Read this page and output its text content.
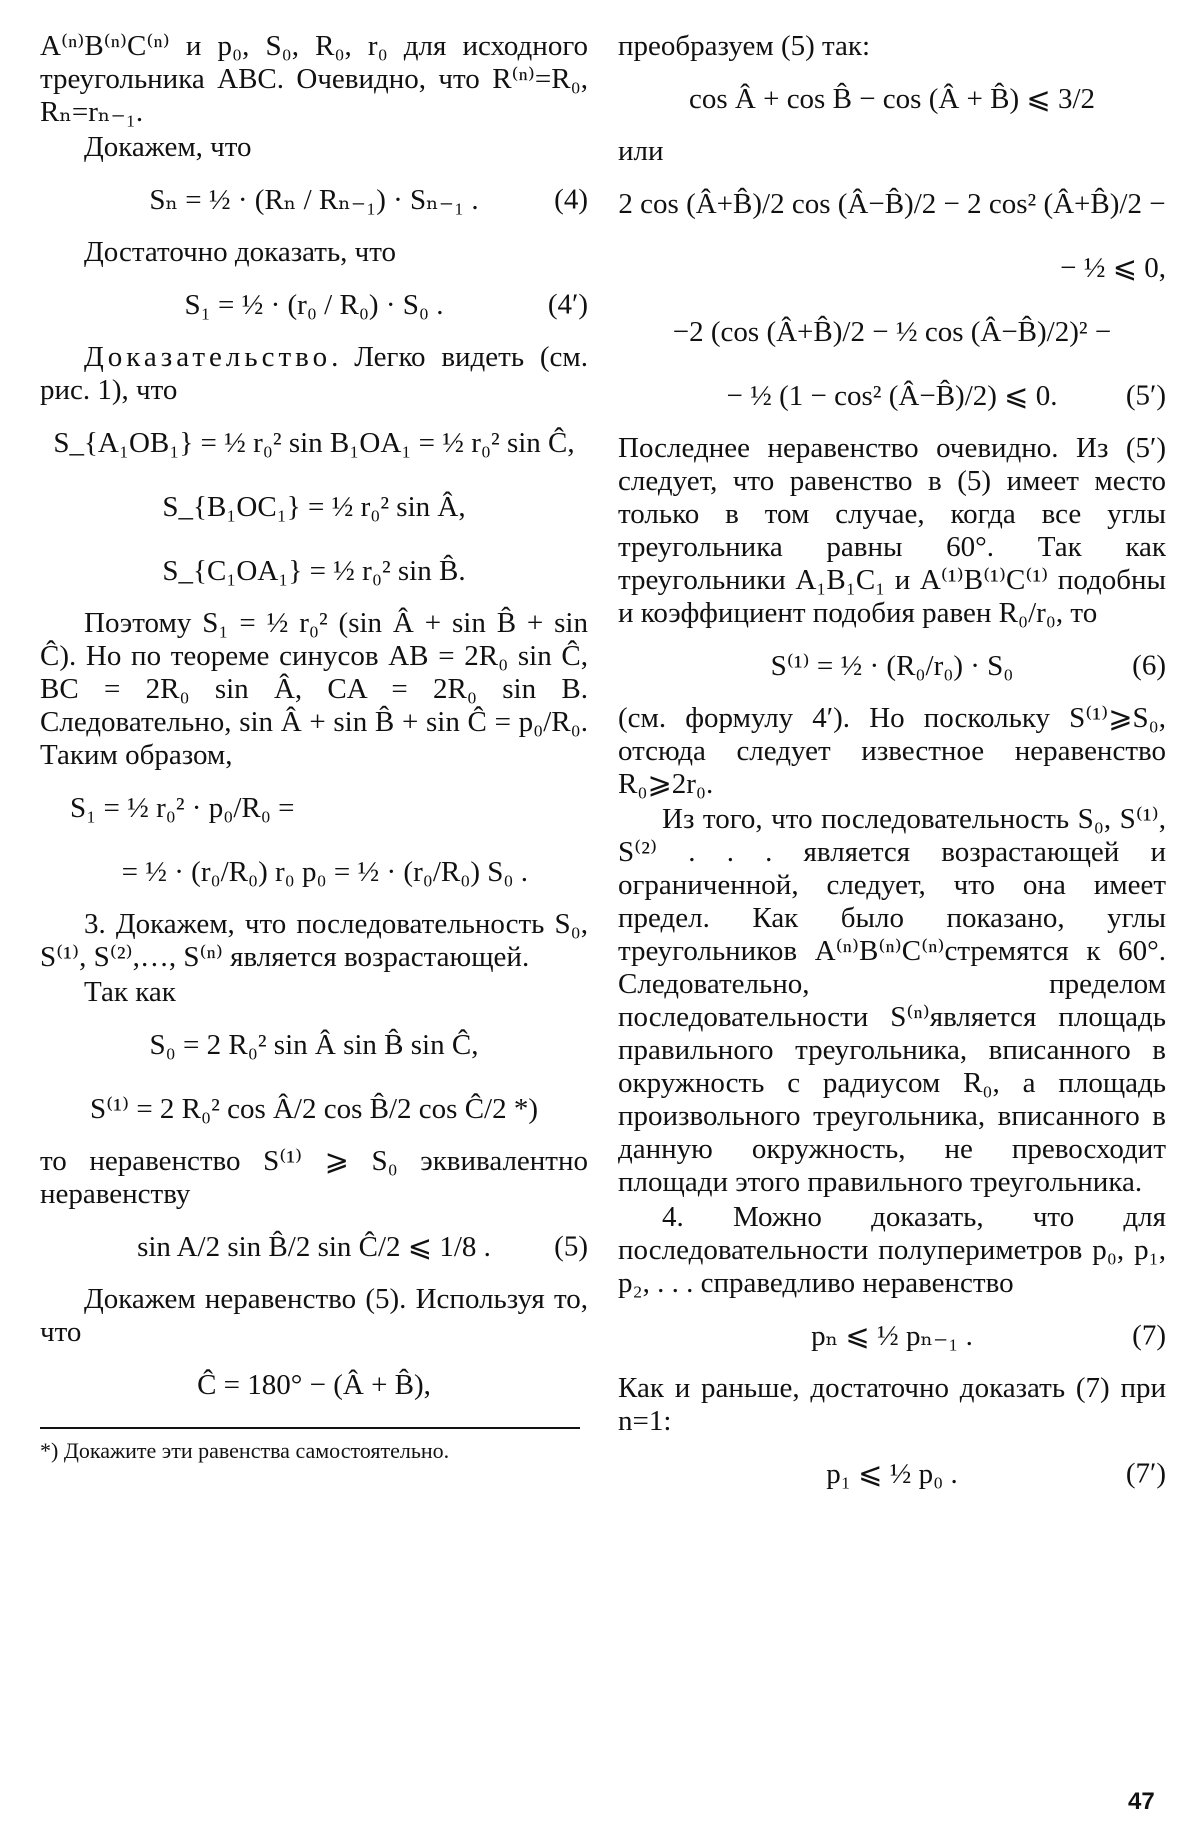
A⁽ⁿ⁾B⁽ⁿ⁾C⁽ⁿ⁾ и p₀, S₀, R₀, r₀ для исходного треугольника ABC. Очевидно, что R⁽ⁿ⁾=R₀, Rₙ=rₙ₋₁.

Докажем, что

Sₙ = ½ · (Rₙ / Rₙ₋₁) · Sₙ₋₁ .	(4)

Достаточно доказать, что

S₁ = ½ · (r₀ / R₀) · S₀ .	(4′)

Доказательство. Легко видеть (см. рис. 1), что

S_{A₁OB₁} = ½ r₀² sin B₁OA₁ = ½ r₀² sin Ĉ,
S_{B₁OC₁} = ½ r₀² sin Â,
S_{C₁OA₁} = ½ r₀² sin B̂.

Поэтому S₁ = ½ r₀² (sin Â + sin B̂ + sin Ĉ). Но по теореме синусов AB = 2R₀ sin Ĉ, BC = 2R₀ sin Â, CA = 2R₀ sin B. Следовательно, sin Â + sin B̂ + sin Ĉ = p₀/R₀. Таким образом,

S₁ = ½ r₀² · p₀/R₀ =
= ½ · (r₀/R₀) r₀ p₀ = ½ · (r₀/R₀) S₀ .

3. Докажем, что последовательность S₀, S⁽¹⁾, S⁽²⁾,…, S⁽ⁿ⁾ является возрастающей.

Так как

S₀ = 2 R₀² sin Â sin B̂ sin Ĉ,
S⁽¹⁾ = 2 R₀² cos Â/2 cos B̂/2 cos Ĉ/2 *)

то неравенство S⁽¹⁾ ⩾ S₀ эквивалентно неравенству

sin A/2 sin B̂/2 sin Ĉ/2 ⩽ 1/8 . (5)

Докажем неравенство (5). Используя то, что

Ĉ = 180° − (Â + B̂),

*) Докажите эти равенства самостоятельно.

преобразуем (5) так:

cos Â + cos B̂ − cos (Â + B̂) ⩽ 3/2

или

2 cos (Â+B̂)/2 cos (Â−B̂)/2 − 2 cos² (Â+B̂)/2 −
− ½ ⩽ 0,
−2 (cos (Â+B̂)/2 − ½ cos (Â−B̂)/2)² −
− ½ (1 − cos² (Â−B̂)/2) ⩽ 0. (5′)

Последнее неравенство очевидно. Из (5′) следует, что равенство в (5) имеет место только в том случае, когда все углы треугольника равны 60°. Так как треугольники A₁B₁C₁ и A⁽¹⁾B⁽¹⁾C⁽¹⁾ подобны и коэффициент подобия равен R₀/r₀, то

S⁽¹⁾ = ½ · (R₀/r₀) · S₀	(6)

(см. формулу 4′). Но поскольку S⁽¹⁾⩾S₀, отсюда следует известное неравенство R₀⩾2r₀.

Из того, что последовательность S₀, S⁽¹⁾, S⁽²⁾ . . . является возрастающей и ограниченной, следует, что она имеет предел. Как было показано, углы треугольников A⁽ⁿ⁾B⁽ⁿ⁾C⁽ⁿ⁾стремятся к 60°. Следовательно, пределом последовательности S⁽ⁿ⁾является площадь правильного треугольника, вписанного в окружность с радиусом R₀, а площадь произвольного треугольника, вписанного в данную окружность, не превосходит площади этого правильного треугольника.

4. Можно доказать, что для последовательности полупериметров p₀, p₁, p₂, . . . справедливо неравенство

pₙ ⩽ ½ pₙ₋₁ .	(7)

Как и раньше, достаточно доказать (7) при n=1:

p₁ ⩽ ½ p₀ .	(7′)
47
